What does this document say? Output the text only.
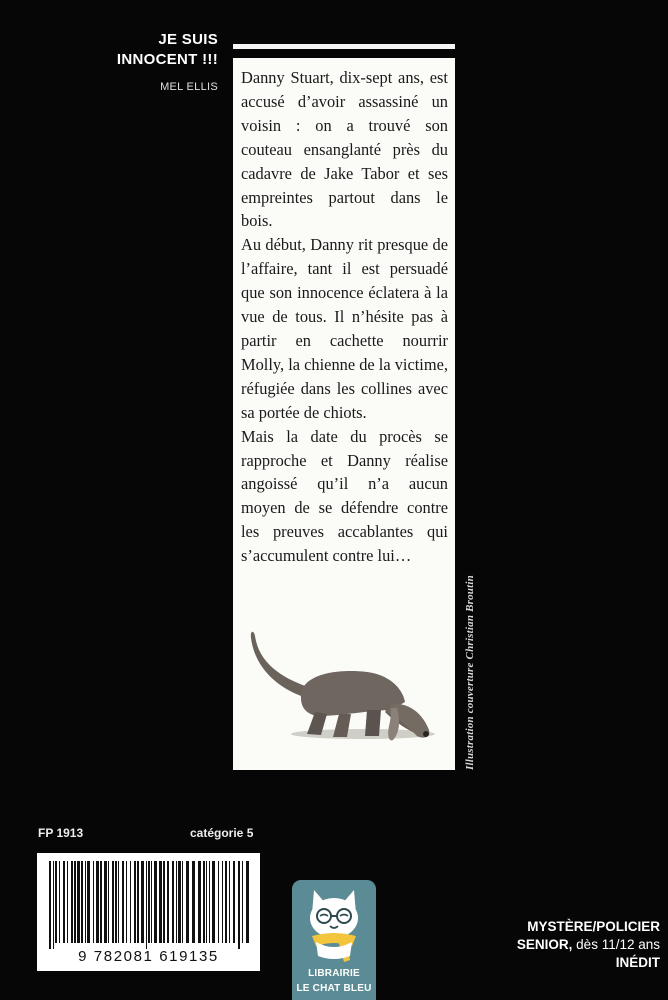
JE SUIS
INNOCENT !!!
MEL ELLIS Danny Stuart, dix-sept ans, est accusé d’avoir assassiné un voisin : on a trouvé son couteau ensanglanté près du cadavre de Jake Tabor et ses empreintes partout dans le bois.

Au début, Danny rit presque de l’affaire, tant il est persuadé que son innocence éclatera à la vue de tous. Il n’hésite pas à partir en cachette nourrir Molly, la chienne de la victime, réfugiée dans les collines avec sa portée de chiots.

Mais la date du procès se rapproche et Danny réalise angoissé qu’il n’a aucun moyen de se défendre contre les preuves accablantes qui s’accumulent contre lui…

Illustration couverture Christian Broutin
FP 1913	catégorie 5
9 782081 619135
LIBRAIRIE
LE CHAT BLEU
MYSTÈRE/POLICIER
SENIOR, dès 11/12 ans
INÉDIT
